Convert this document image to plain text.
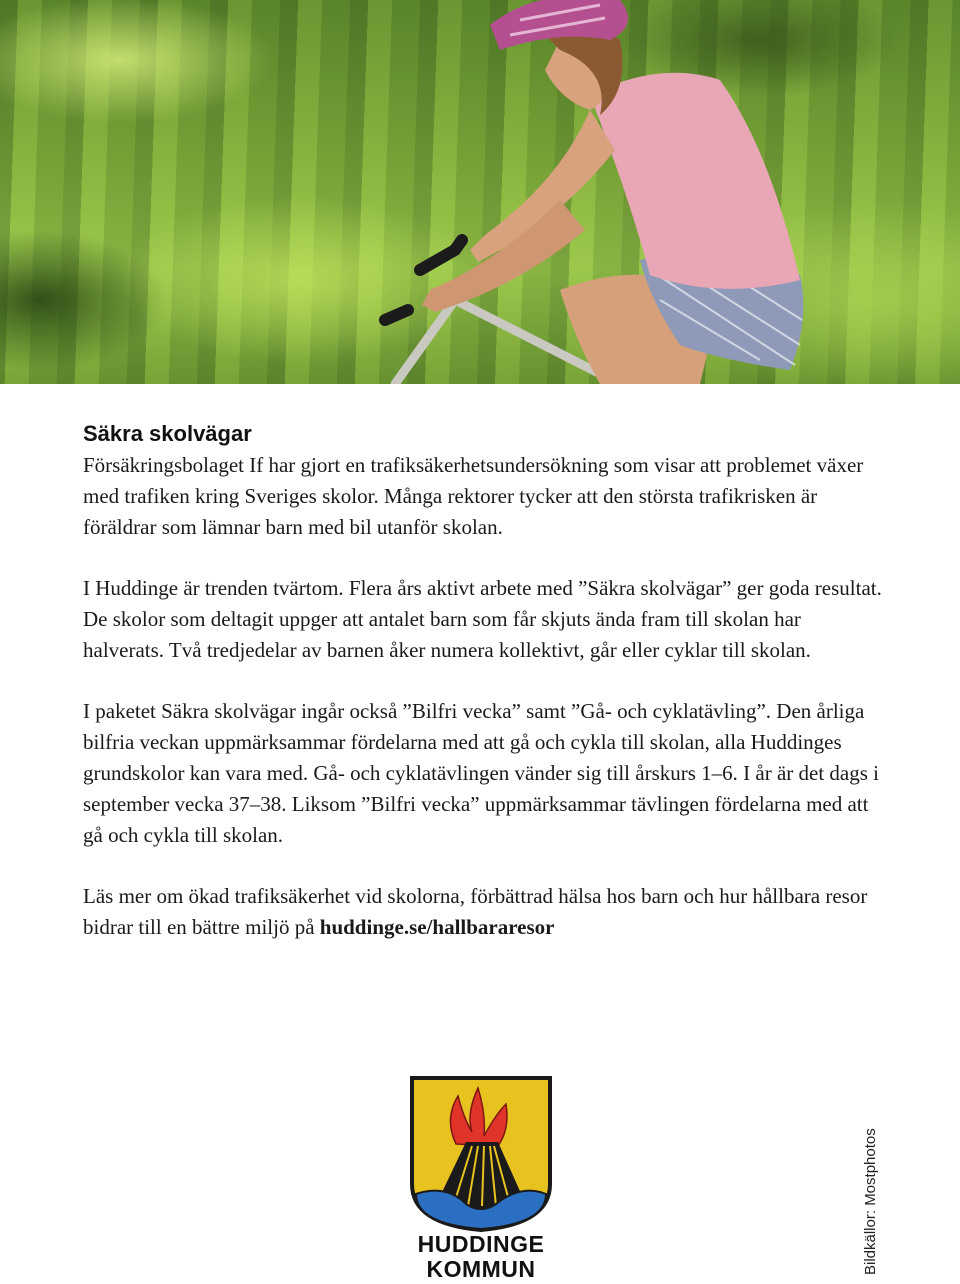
Säkra skolvägar

Försäkringsbolaget If har gjort en trafiksäkerhetsundersökning som visar att problemet växer med trafiken kring Sveriges skolor. Många rektorer tycker att den största trafikrisken är föräldrar som lämnar barn med bil utanför skolan.

I Huddinge är trenden tvärtom. Flera års aktivt arbete med ”Säkra skolvägar” ger goda resultat. De skolor som deltagit uppger att antalet barn som får skjuts ända fram till skolan har halverats. Två tredjedelar av barnen åker numera kollektivt, går eller cyklar till skolan.

I paketet Säkra skolvägar ingår också ”Bilfri vecka” samt ”Gå- och cyklatävling”. Den årliga bilfria veckan uppmärksammar fördelarna med att gå och cykla till skolan, alla Huddinges grundskolor kan vara med. Gå- och cyklatävlingen vänder sig till årskurs 1–6. I år är det dags i september vecka 37–38. Liksom ”Bilfri vecka” uppmärksammar tävlingen fördelarna med att gå och cykla till skolan.

Läs mer om ökad trafiksäkerhet vid skolorna, förbättrad hälsa hos barn och hur hållbara resor bidrar till en bättre miljö på huddinge.se/hallbararesor

HUDDINGE
KOMMUN	Bildkällor: Mostphotos
